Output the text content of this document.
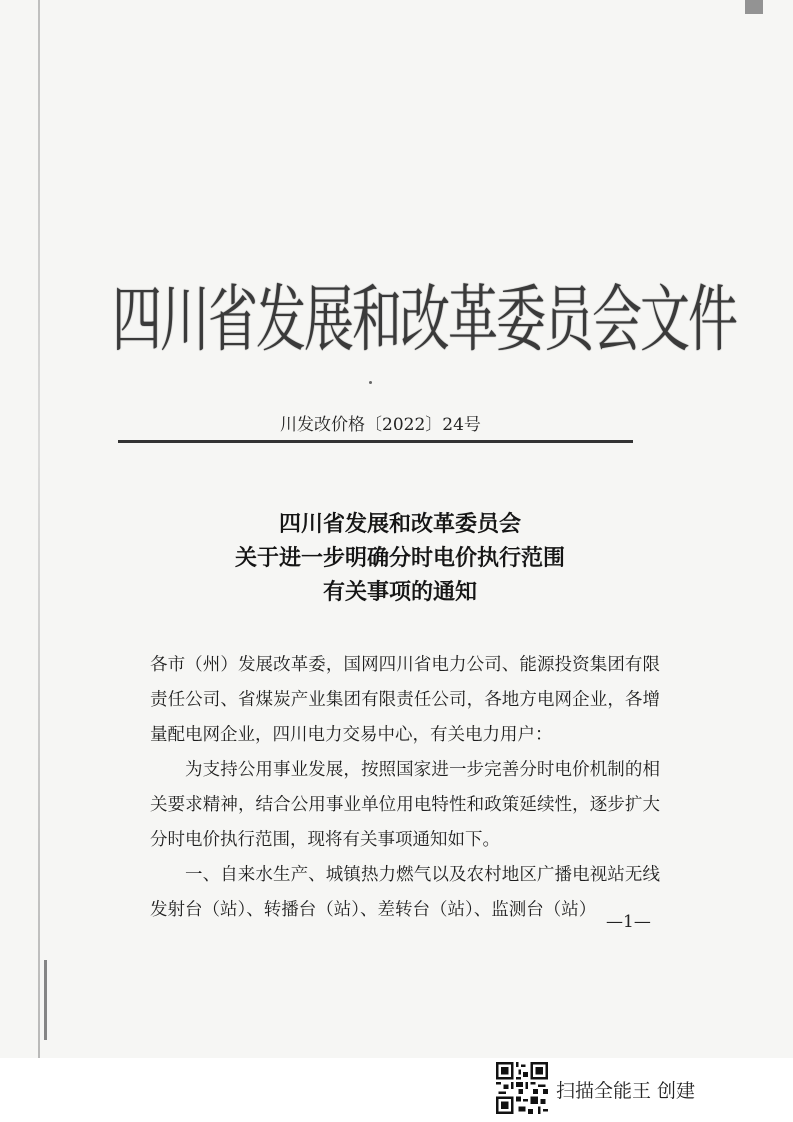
四川省发展和改革委员会文件
川发改价格〔2022〕24号
四川省发展和改革委员会
关于进一步明确分时电价执行范围
有关事项的通知

各市（州）发展改革委，国网四川省电力公司、能源投资集团有限责任公司、省煤炭产业集团有限责任公司，各地方电网企业，各增量配电网企业，四川电力交易中心，有关电力用户：

为支持公用事业发展，按照国家进一步完善分时电价机制的相关要求精神，结合公用事业单位用电特性和政策延续性，逐步扩大分时电价执行范围，现将有关事项通知如下。

一、自来水生产、城镇热力燃气以及农村地区广播电视站无线发射台（站）、转播台（站）、差转台（站）、监测台（站）

—1—
扫描全能王 创建
